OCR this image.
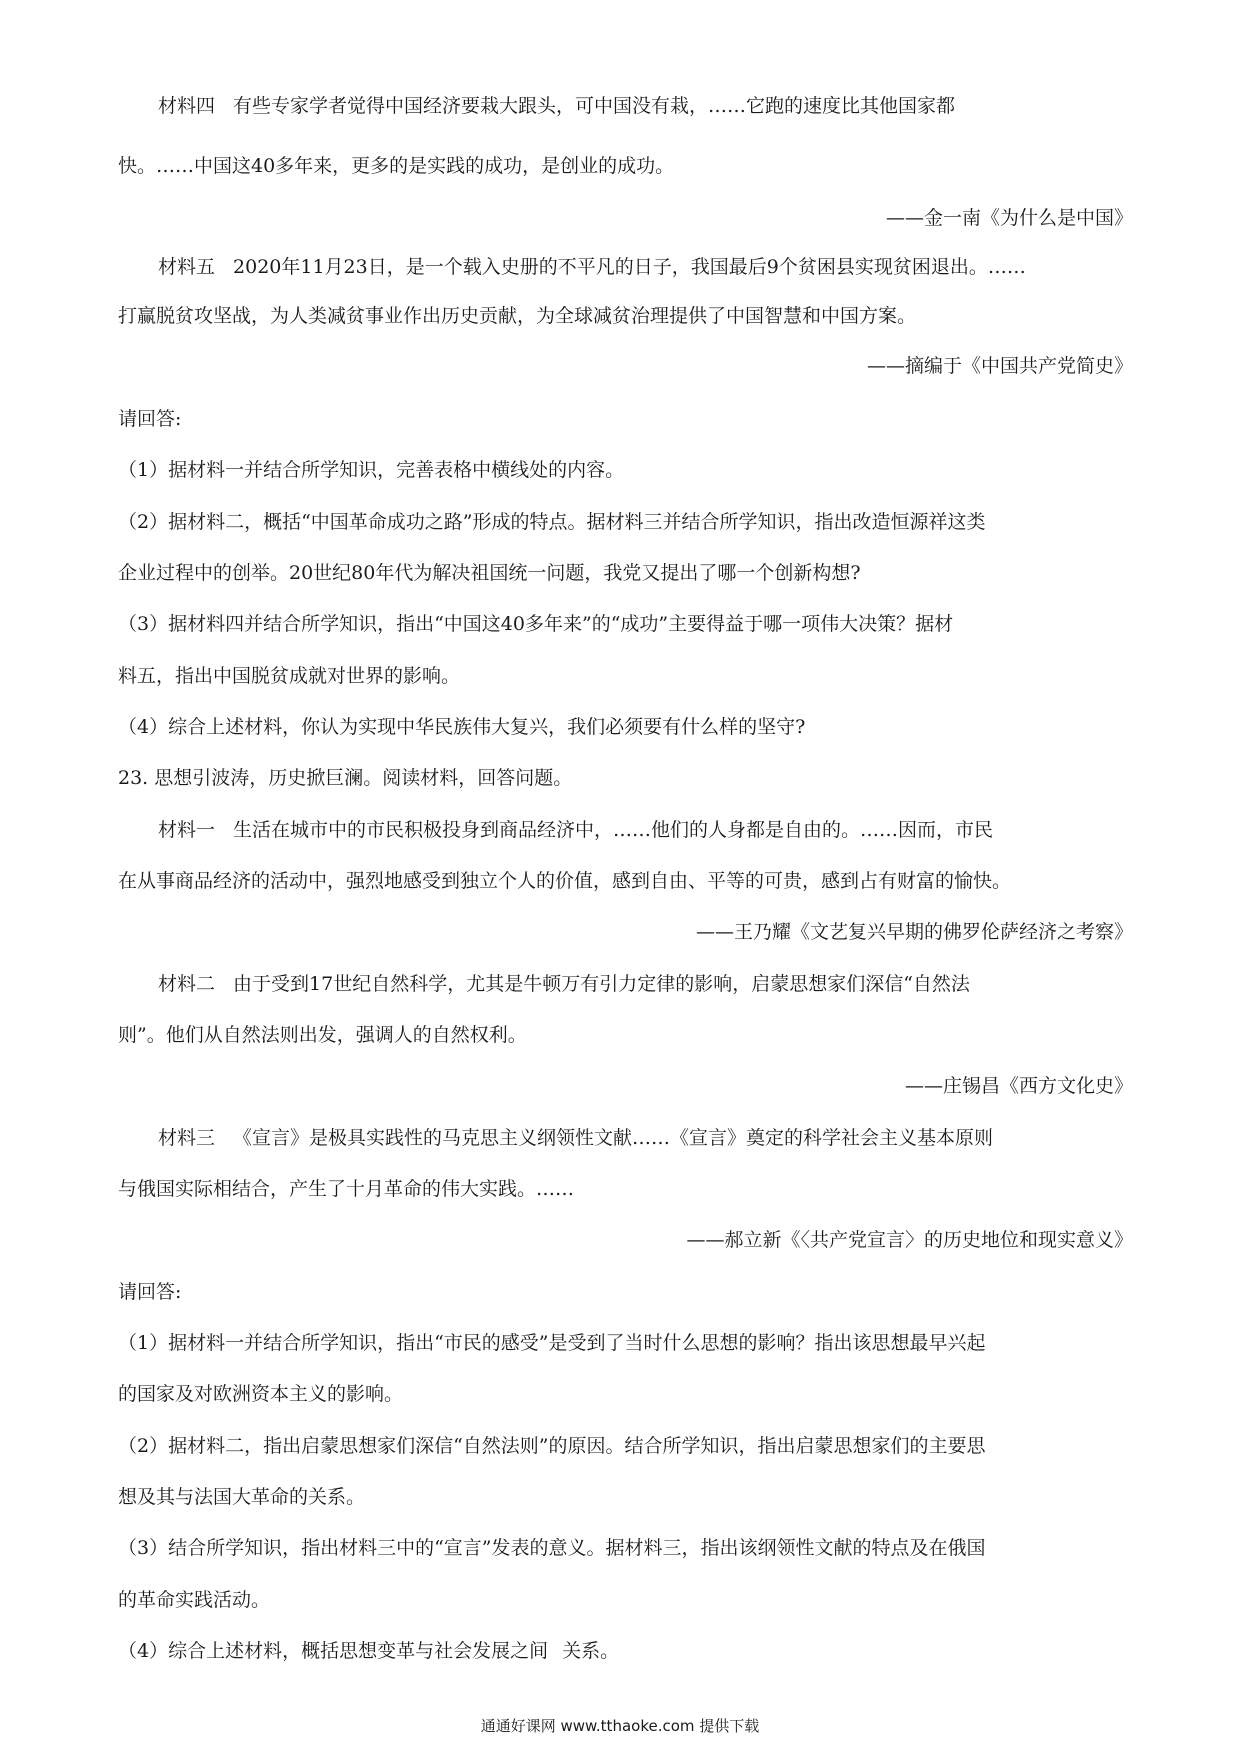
材料四 有些专家学者觉得中国经济要栽大跟头，可中国没有栽，……它跑的速度比其他国家都
快。……中国这40多年来，更多的是实践的成功，是创业的成功。
——金一南《为什么是中国》
材料五 2020年11月23日，是一个载入史册的不平凡的日子，我国最后9个贫困县实现贫困退出。……
打赢脱贫攻坚战，为人类减贫事业作出历史贡献，为全球减贫治理提供了中国智慧和中国方案。
——摘编于《中国共产党简史》
请回答:
（1）据材料一并结合所学知识，完善表格中横线处的内容。
（2）据材料二，概括“中国革命成功之路”形成的特点。据材料三并结合所学知识，指出改造恒源祥这类
企业过程中的创举。20世纪80年代为解决祖国统一问题，我党又提出了哪一个创新构想?
（3）据材料四并结合所学知识，指出“中国这40多年来”的“成功”主要得益于哪一项伟大决策？据材
料五，指出中国脱贫成就对世界的影响。
（4）综合上述材料，你认为实现中华民族伟大复兴，我们必须要有什么样的坚守?
23. 思想引波涛，历史掀巨澜。阅读材料，回答问题。
材料一 生活在城市中的市民积极投身到商品经济中，……他们的人身都是自由的。……因而，市民
在从事商品经济的活动中，强烈地感受到独立个人的价值，感到自由、平等的可贵，感到占有财富的愉快。
——王乃耀《文艺复兴早期的佛罗伦萨经济之考察》
材料二 由于受到17世纪自然科学，尤其是牛顿万有引力定律的影响，启蒙思想家们深信“自然法
则”。他们从自然法则出发，强调人的自然权利。
——庄锡昌《西方文化史》
材料三 《宣言》是极具实践性的马克思主义纲领性文献……《宣言》奠定的科学社会主义基本原则
与俄国实际相结合，产生了十月革命的伟大实践。……
——郝立新《〈共产党宣言〉的历史地位和现实意义》
请回答:
（1）据材料一并结合所学知识，指出“市民的感受”是受到了当时什么思想的影响？指出该思想最早兴起
的国家及对欧洲资本主义的影响。
（2）据材料二，指出启蒙思想家们深信“自然法则”的原因。结合所学知识，指出启蒙思想家们的主要思
想及其与法国大革命的关系。
（3）结合所学知识，指出材料三中的“宣言”发表的意义。据材料三，指出该纲领性文献的特点及在俄国
的革命实践活动。
（4）综合上述材料，概括思想变革与社会发展之间 关系。
通通好课网 www.tthaoke.com 提供下载
